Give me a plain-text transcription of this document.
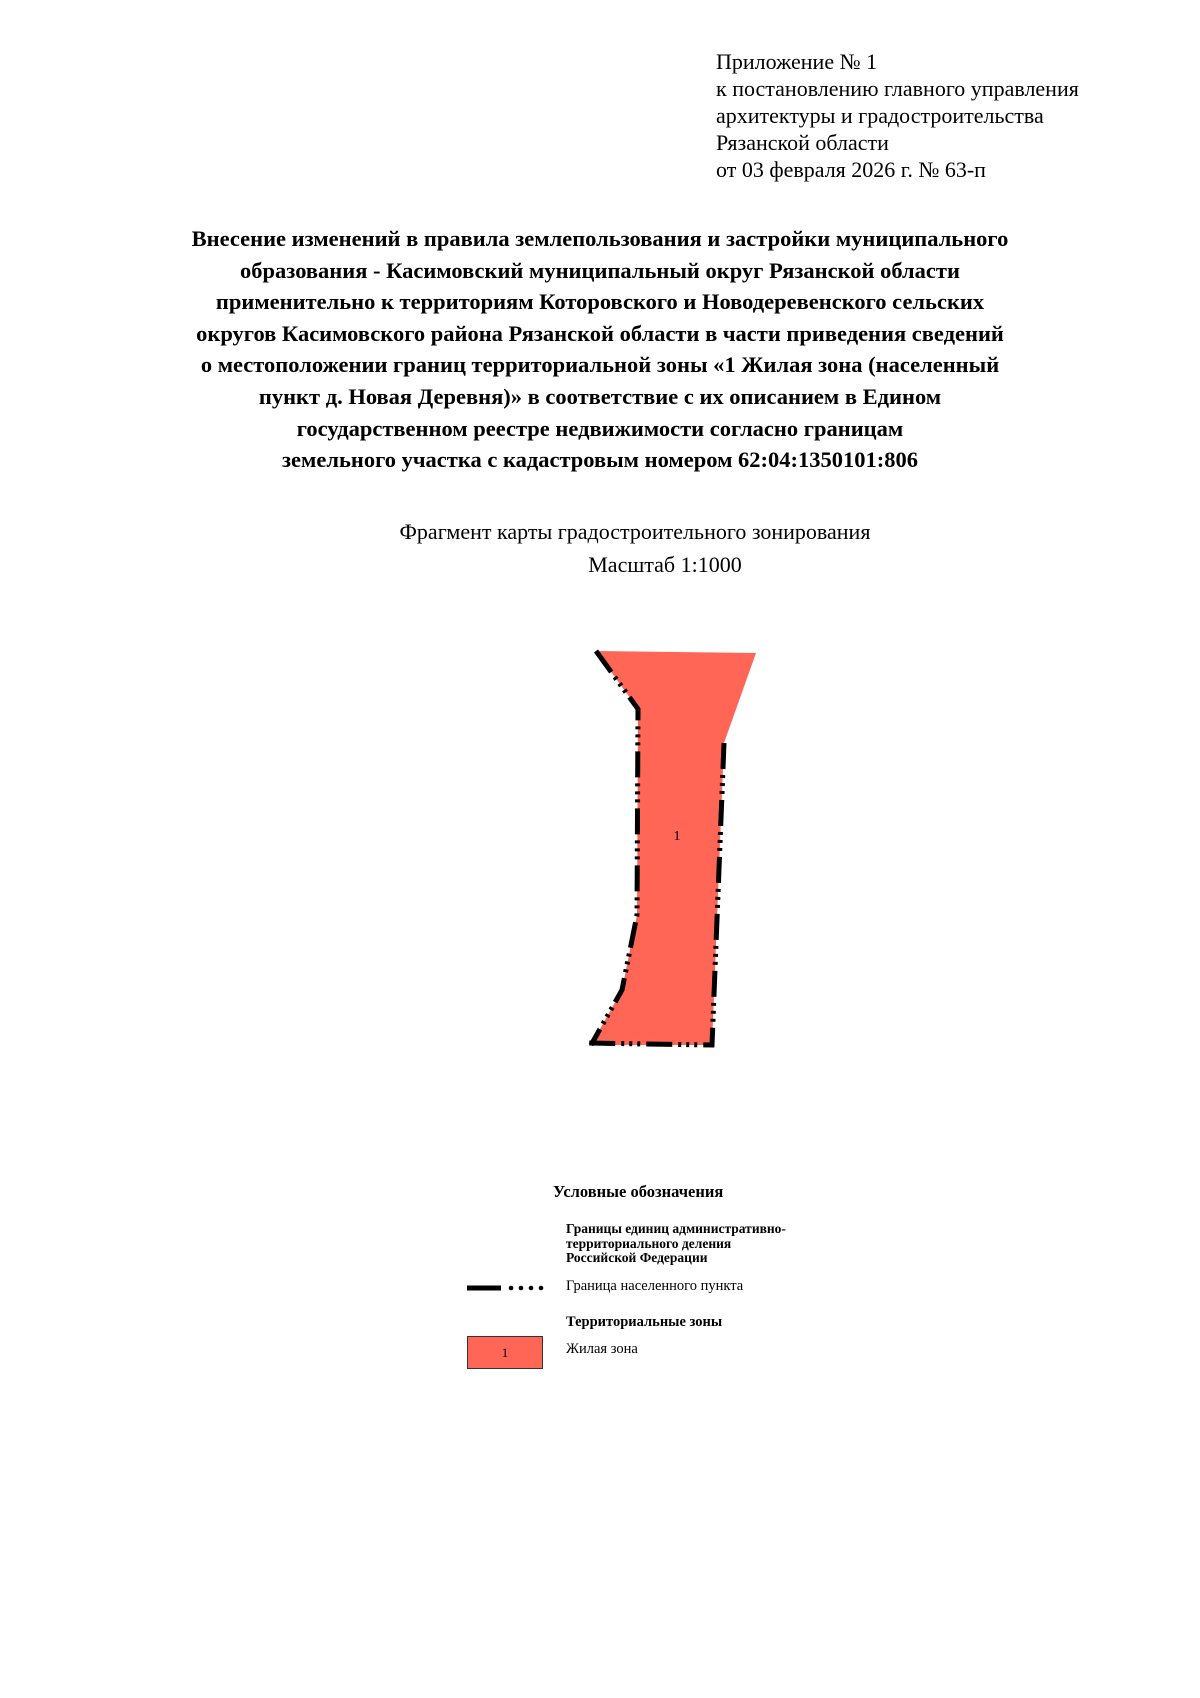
Приложение № 1
к постановлению главного управления
архитектуры и градостроительства
Рязанской области
от 03 февраля 2026 г. № 63-п
Внесение изменений в правила землепользования и застройки муниципального
образования - Касимовский муниципальный округ Рязанской области
применительно к территориям Которовского и Новодеревенского сельских
округов Касимовского района Рязанской области в части приведения сведений
о местоположении границ территориальной зоны «1 Жилая зона (населенный
пункт д. Новая Деревня)» в соответствие с их описанием в Едином
государственном реестре недвижимости согласно границам
земельного участка с кадастровым номером 62:04:1350101:806
Фрагмент карты градостроительного зонирования
Масштаб 1:1000
1
Условные обозначения
Границы единиц административно-
территориального деления
Российской Федерации
Граница населенного пункта
Территориальные зоны
1	Жилая зона
